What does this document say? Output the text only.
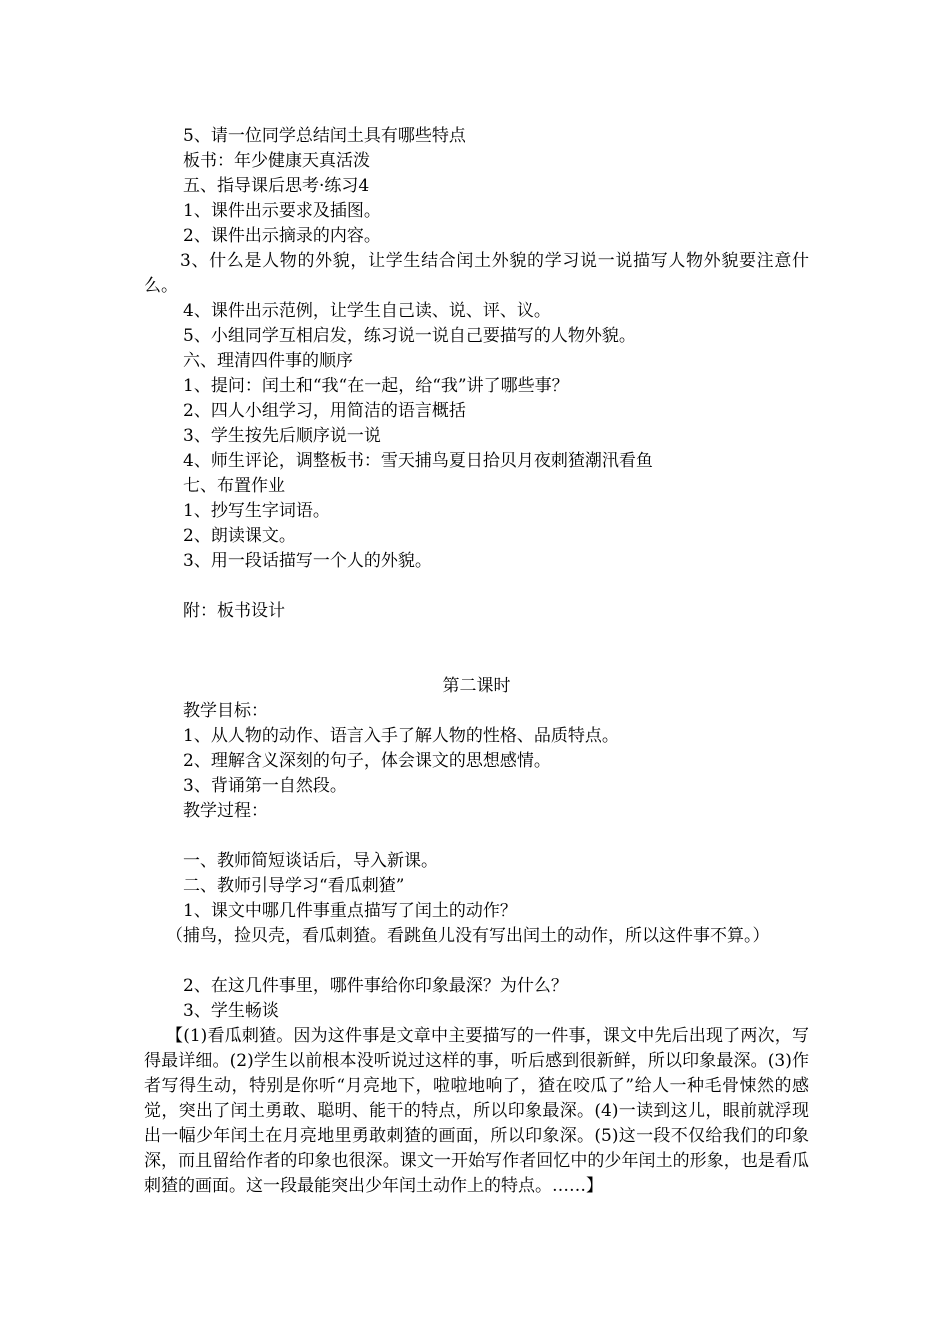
5、请一位同学总结闰土具有哪些特点
板书：年少健康天真活泼
五、指导课后思考·练习4
1、课件出示要求及插图。
2、课件出示摘录的内容。
3、什么是人物的外貌，让学生结合闰土外貌的学习说一说描写人物外貌要注意什么。
4、课件出示范例，让学生自己读、说、评、议。
5、小组同学互相启发，练习说一说自己要描写的人物外貌。
六、理清四件事的顺序
1、提问：闰土和“我“在一起，给“我”讲了哪些事？
2、四人小组学习，用简洁的语言概括
3、学生按先后顺序说一说
4、师生评论，调整板书：雪天捕鸟夏日拾贝月夜刺猹潮汛看鱼
七、布置作业
1、抄写生字词语。
2、朗读课文。
3、用一段话描写一个人的外貌。
附：板书设计
第二课时
教学目标：
1、从人物的动作、语言入手了解人物的性格、品质特点。
2、理解含义深刻的句子，体会课文的思想感情。
3、背诵第一自然段。
教学过程：
一、教师简短谈话后，导入新课。
二、教师引导学习“看瓜刺猹”
1、课文中哪几件事重点描写了闰土的动作？
（捕鸟，捡贝壳，看瓜刺猹。看跳鱼儿没有写出闰土的动作，所以这件事不算。）
2、在这几件事里，哪件事给你印象最深？为什么？
3、学生畅谈
【(1)看瓜刺猹。因为这件事是文章中主要描写的一件事，课文中先后出现了两次，写得最详细。(2)学生以前根本没听说过这样的事，听后感到很新鲜，所以印象最深。(3)作者写得生动，特别是你听“月亮地下，啦啦地响了，猹在咬瓜了”给人一种毛骨悚然的感觉，突出了闰土勇敢、聪明、能干的特点，所以印象最深。(4)一读到这儿，眼前就浮现出一幅少年闰土在月亮地里勇敢刺猹的画面，所以印象深。(5)这一段不仅给我们的印象深，而且留给作者的印象也很深。课文一开始写作者回忆中的少年闰土的形象，也是看瓜刺猹的画面。这一段最能突出少年闰土动作上的特点。……】
